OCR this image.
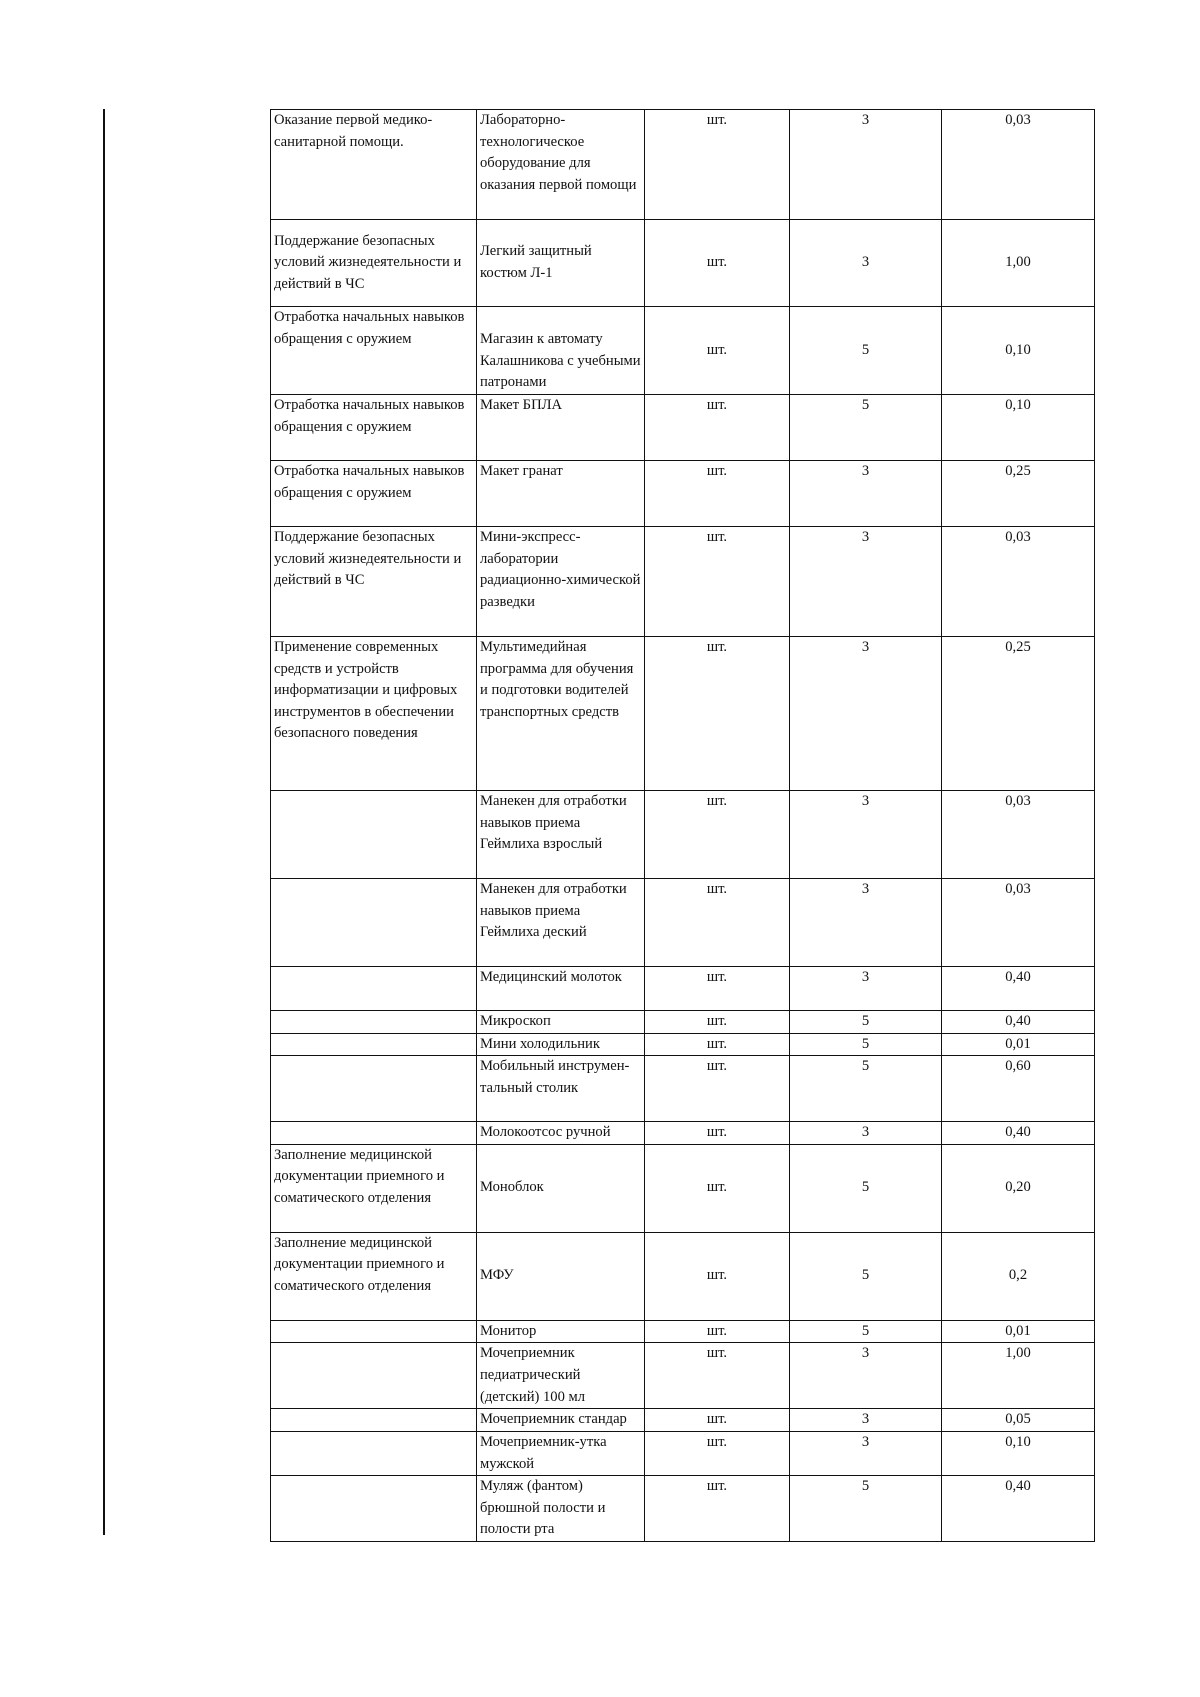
Оказание первой медико-санитарной помощи.	Лабораторно-технологическое оборудование для оказания первой помощи	шт.	3	0,03
Поддержание безопасных условий жизнедеятельности и действий в ЧС	Легкий защитный костюм Л-1	шт.	3	1,00
Отработка начальных навыков обращения с оружием	Магазин к автомату Калашникова с учебными патронами	шт.	5	0,10
Отработка начальных навыков обращения с оружием	Макет БПЛА	шт.	5	0,10
Отработка начальных навыков обращения с оружием	Макет гранат	шт.	3	0,25
Поддержание безопасных условий жизнедеятельности и действий в ЧС	Мини-экспресс-лаборатории радиационно-химической разведки	шт.	3	0,03
Применение современных средств и устройств информатизации и цифровых инструментов в обеспечении безопасного поведения	Мультимедийная программа для обучения и подготовки водителей транспортных средств	шт.	3	0,25
	Манекен для отработки навыков приема Геймлиха взрослый	шт.	3	0,03
	Манекен для отработки навыков приема Геймлиха деский	шт.	3	0,03
	Медицинский молоток	шт.	3	0,40
	Микроскоп	шт.	5	0,40
	Мини холодильник	шт.	5	0,01
	Мобильный инструмен-тальный столик	шт.	5	0,60
	Молокоотсос ручной	шт.	3	0,40
Заполнение медицинской документации приемного и соматического отделения	Моноблок	шт.	5	0,20
Заполнение медицинской документации приемного и соматического отделения	МФУ	шт.	5	0,2
	Монитор	шт.	5	0,01
	Мочеприемник педиатрический (детский) 100 мл	шт.	3	1,00
	Мочеприемник стандар	шт.	3	0,05
	Мочеприемник-утка мужской	шт.	3	0,10
	Муляж (фантом) брюшной полости и полости рта	шт.	5	0,40
